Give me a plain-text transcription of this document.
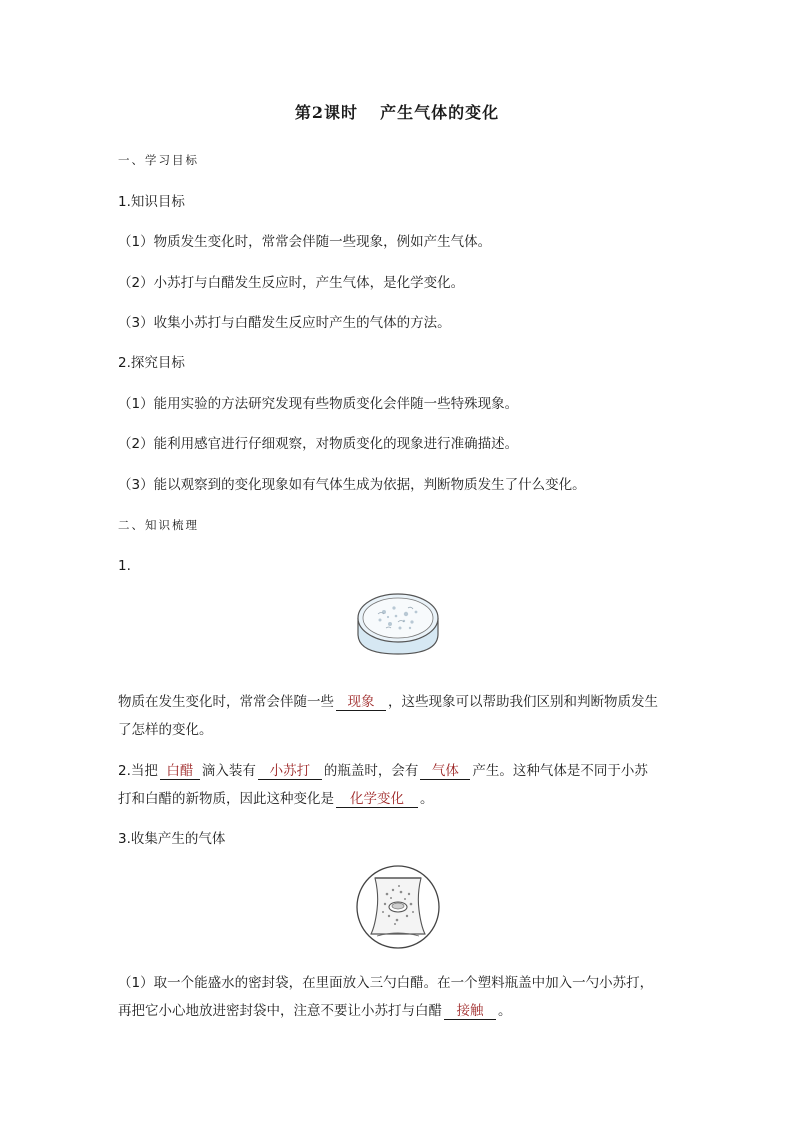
第2课时 产生气体的变化
一、学习目标
1.知识目标
（1）物质发生变化时，常常会伴随一些现象，例如产生气体。
（2）小苏打与白醋发生反应时，产生气体，是化学变化。
（3）收集小苏打与白醋发生反应时产生的气体的方法。
2.探究目标
（1）能用实验的方法研究发现有些物质变化会伴随一些特殊现象。
（2）能利用感官进行仔细观察，对物质变化的现象进行准确描述。
（3）能以观察到的变化现象如有气体生成为依据，判断物质发生了什么变化。
二、知识梳理
1.
物质在发生变化时，常常会伴随一些 现象 ，这些现象可以帮助我们区别和判断物质发生
了怎样的变化。
2.当把 白醋 滴入装有 小苏打 的瓶盖时，会有 气体 产生。这种气体是不同于小苏
打和白醋的新物质，因此这种变化是 化学变化 。
3.收集产生的气体
（1）取一个能盛水的密封袋，在里面放入三勺白醋。在一个塑料瓶盖中加入一勺小苏打，
再把它小心地放进密封袋中，注意不要让小苏打与白醋 接触 。
